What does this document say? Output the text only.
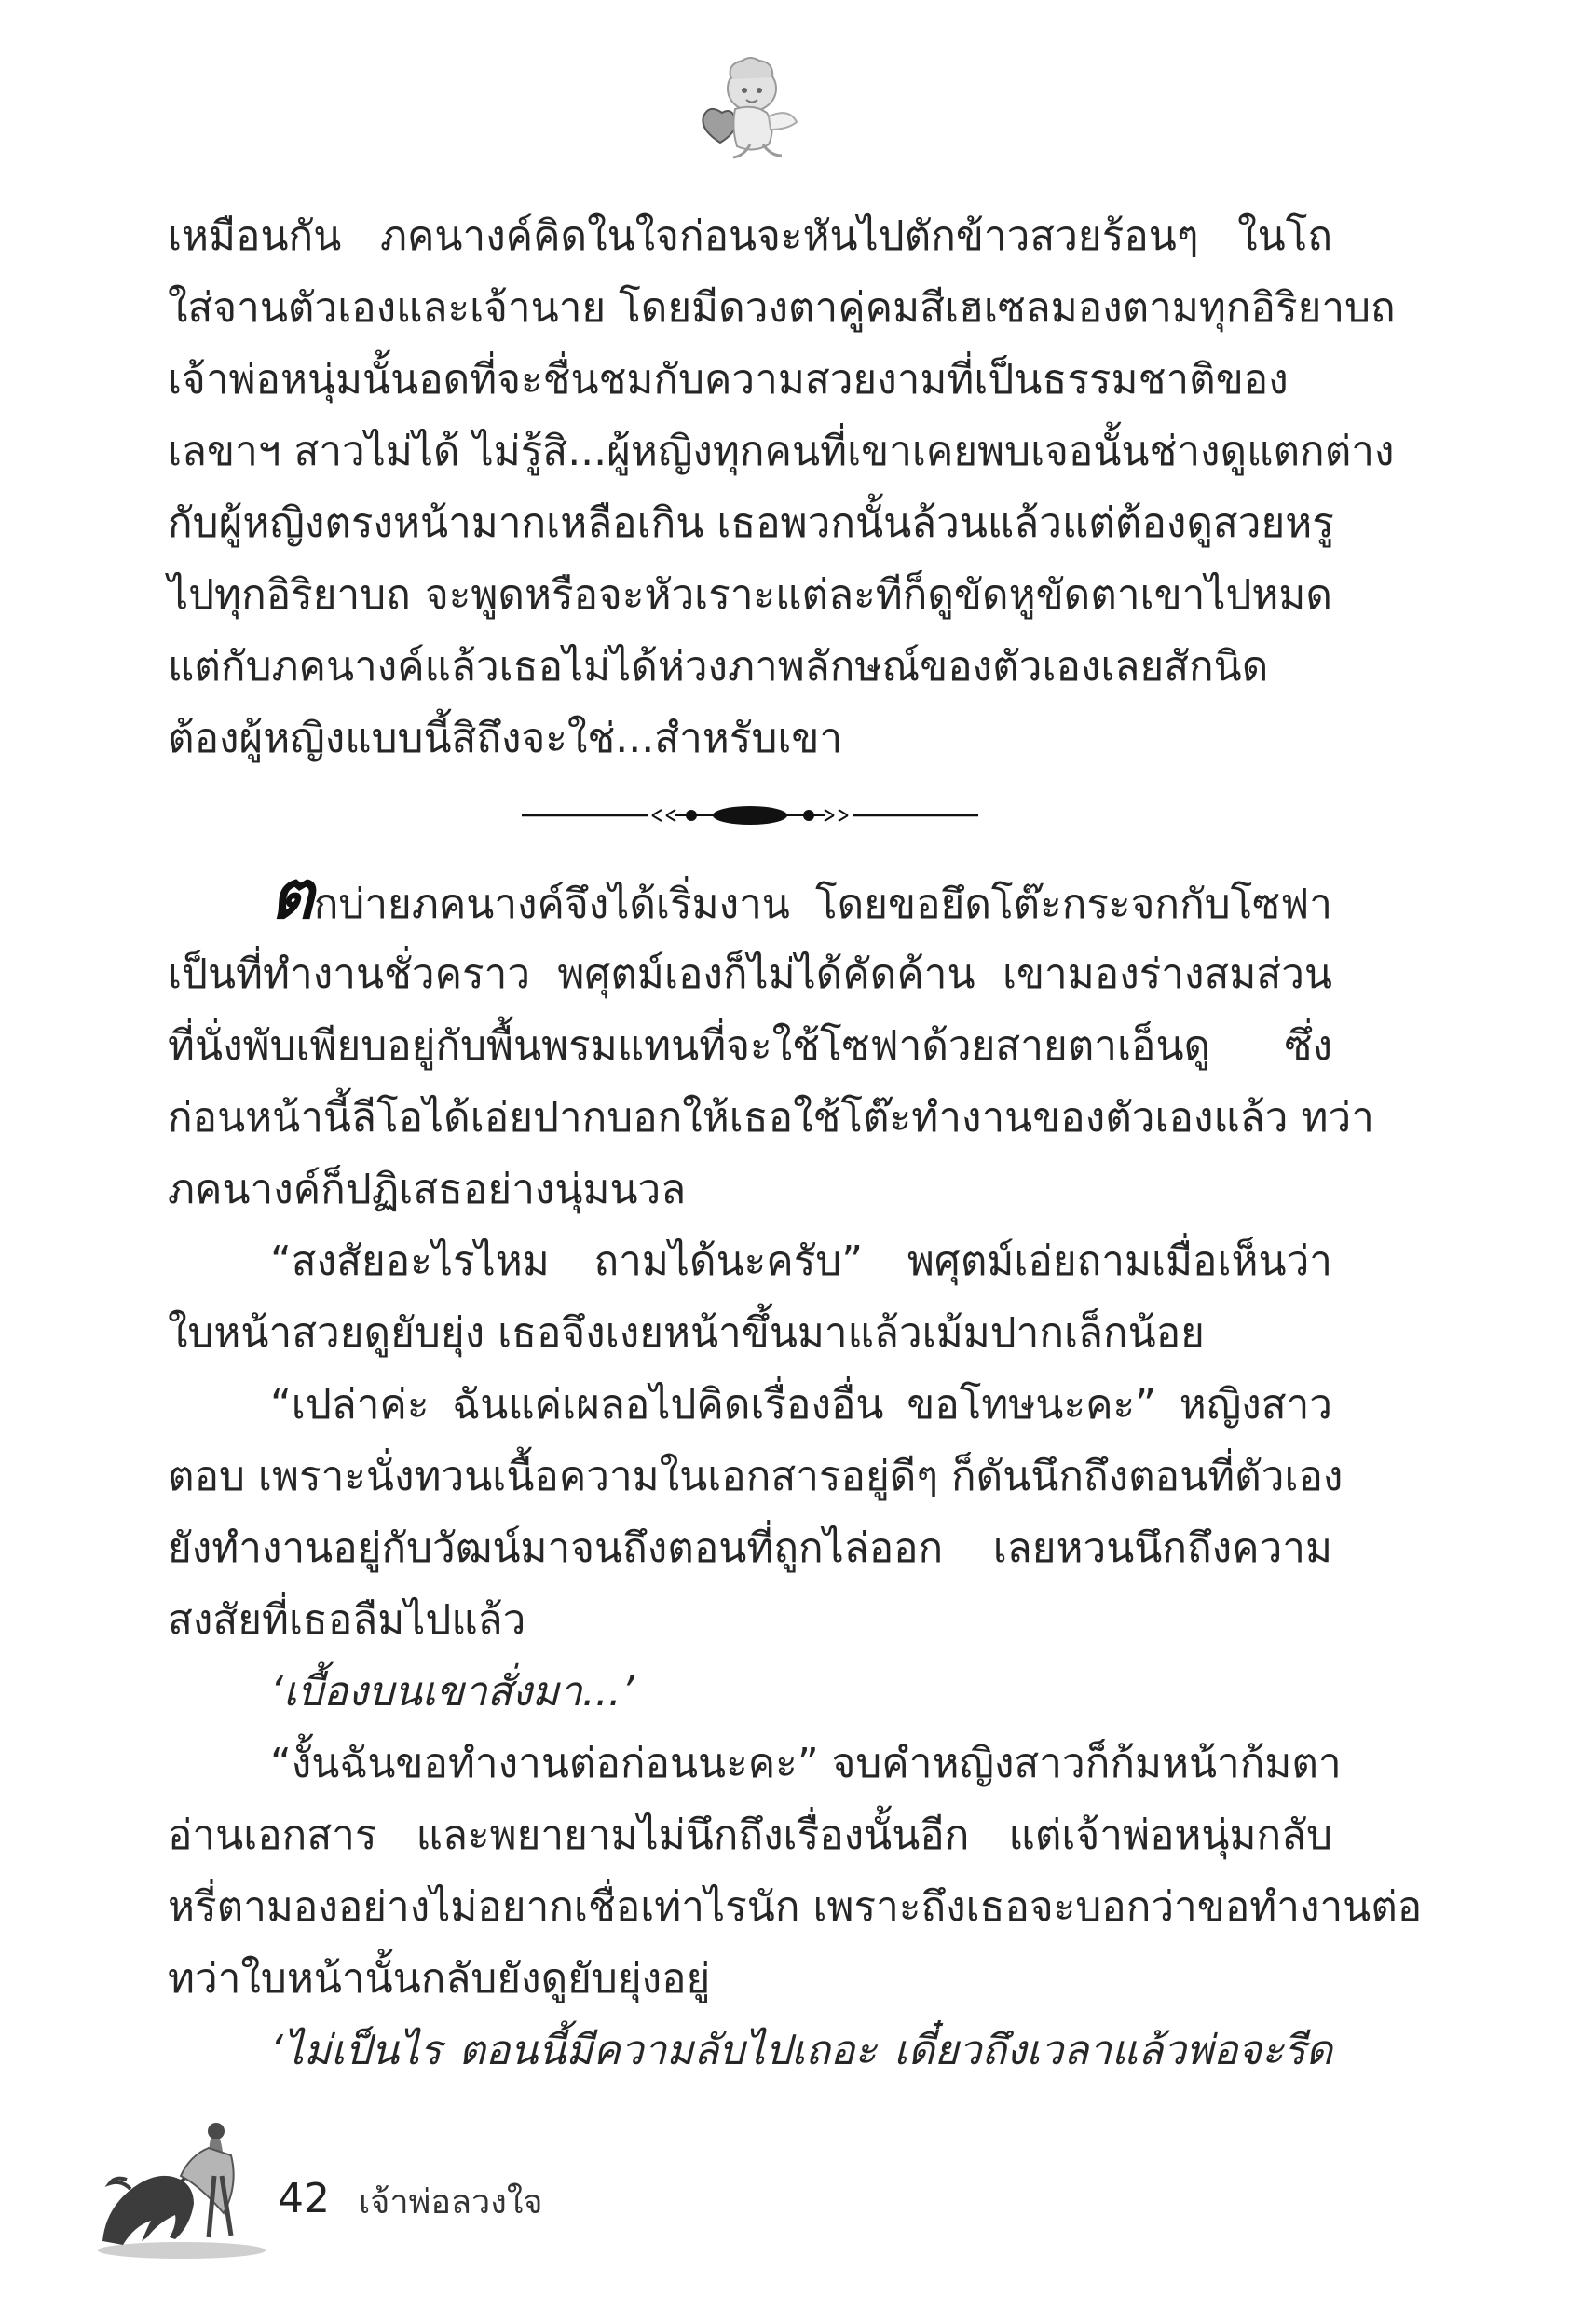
เหมือนกัน ภคนางค์คิดในใจก่อนจะหันไปตักข้าวสวยร้อนๆ ในโถ
ใส่จานตัวเองและเจ้านาย โดยมีดวงตาคู่คมสีเฮเซลมองตามทุกอิริยาบถ
เจ้าพ่อหนุ่มนั้นอดที่จะชื่นชมกับความสวยงามที่เป็นธรรมชาติของ
เลขาฯ สาวไม่ได้ ไม่รู้สิ...ผู้หญิงทุกคนที่เขาเคยพบเจอนั้นช่างดูแตกต่าง
กับผู้หญิงตรงหน้ามากเหลือเกิน เธอพวกนั้นล้วนแล้วแต่ต้องดูสวยหรู
ไปทุกอิริยาบถ จะพูดหรือจะหัวเราะแต่ละทีก็ดูขัดหูขัดตาเขาไปหมด
แต่กับภคนางค์แล้วเธอไม่ได้ห่วงภาพลักษณ์ของตัวเองเลยสักนิด
ต้องผู้หญิงแบบนี้สิถึงจะใช่...สำหรับเขา
ตกบ่ายภคนางค์จึงได้เริ่มงาน โดยขอยึดโต๊ะกระจกกับโซฟา
เป็นที่ทำงานชั่วคราว พศุตม์เองก็ไม่ได้คัดค้าน เขามองร่างสมส่วน
ที่นั่งพับเพียบอยู่กับพื้นพรมแทนที่จะใช้โซฟาด้วยสายตาเอ็นดู ซึ่ง
ก่อนหน้านี้ลีโอได้เอ่ยปากบอกให้เธอใช้โต๊ะทำงานของตัวเองแล้ว ทว่า
ภคนางค์ก็ปฏิเสธอย่างนุ่มนวล
“สงสัยอะไรไหม ถามได้นะครับ” พศุตม์เอ่ยถามเมื่อเห็นว่า
ใบหน้าสวยดูยับยุ่ง เธอจึงเงยหน้าขึ้นมาแล้วเม้มปากเล็กน้อย
“เปล่าค่ะ ฉันแค่เผลอไปคิดเรื่องอื่น ขอโทษนะคะ” หญิงสาว
ตอบ เพราะนั่งทวนเนื้อความในเอกสารอยู่ดีๆ ก็ดันนึกถึงตอนที่ตัวเอง
ยังทำงานอยู่กับวัฒน์มาจนถึงตอนที่ถูกไล่ออก เลยหวนนึกถึงความ
สงสัยที่เธอลืมไปแล้ว
‘เบื้องบนเขาสั่งมา...’
“งั้นฉันขอทำงานต่อก่อนนะคะ” จบคำหญิงสาวก็ก้มหน้าก้มตา
อ่านเอกสาร และพยายามไม่นึกถึงเรื่องนั้นอีก แต่เจ้าพ่อหนุ่มกลับ
หรี่ตามองอย่างไม่อยากเชื่อเท่าไรนัก เพราะถึงเธอจะบอกว่าขอทำงานต่อ
ทว่าใบหน้านั้นกลับยังดูยับยุ่งอยู่
‘ไม่เป็นไร ตอนนี้มีความลับไปเถอะ เดี๋ยวถึงเวลาแล้วพ่อจะรีด
42 เจ้าพ่อลวงใจ
